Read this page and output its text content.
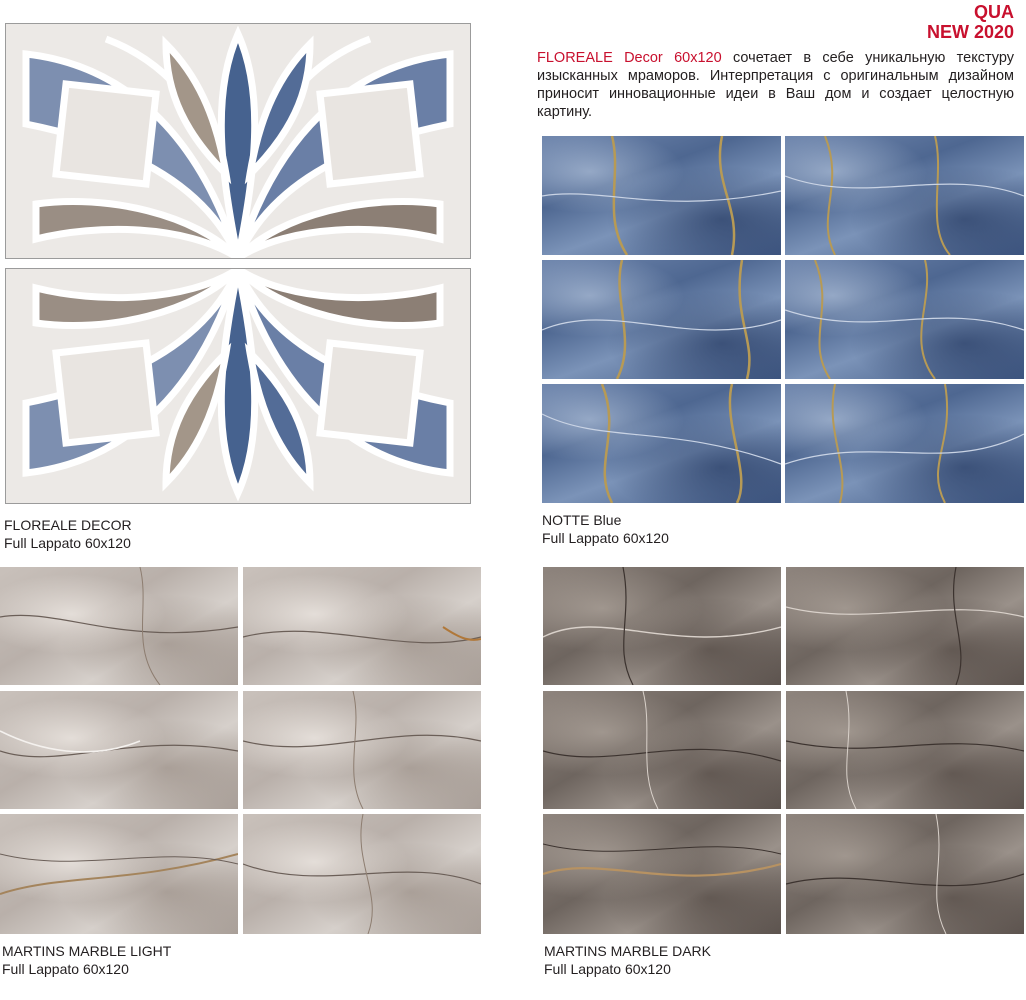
QUA
NEW 2020
FLOREALE Decor 60x120 сочетает в себе уникальную текстуру изысканных мраморов. Интерпретация с оригинальным дизайном приносит инновационные идеи в Ваш дом и создает целостную картину.
FLOREALE DECOR
Full Lappato 60x120
NOTTE Blue
Full Lappato 60x120
MARTINS MARBLE LIGHT
Full Lappato 60x120
MARTINS MARBLE DARK
Full Lappato 60x120
